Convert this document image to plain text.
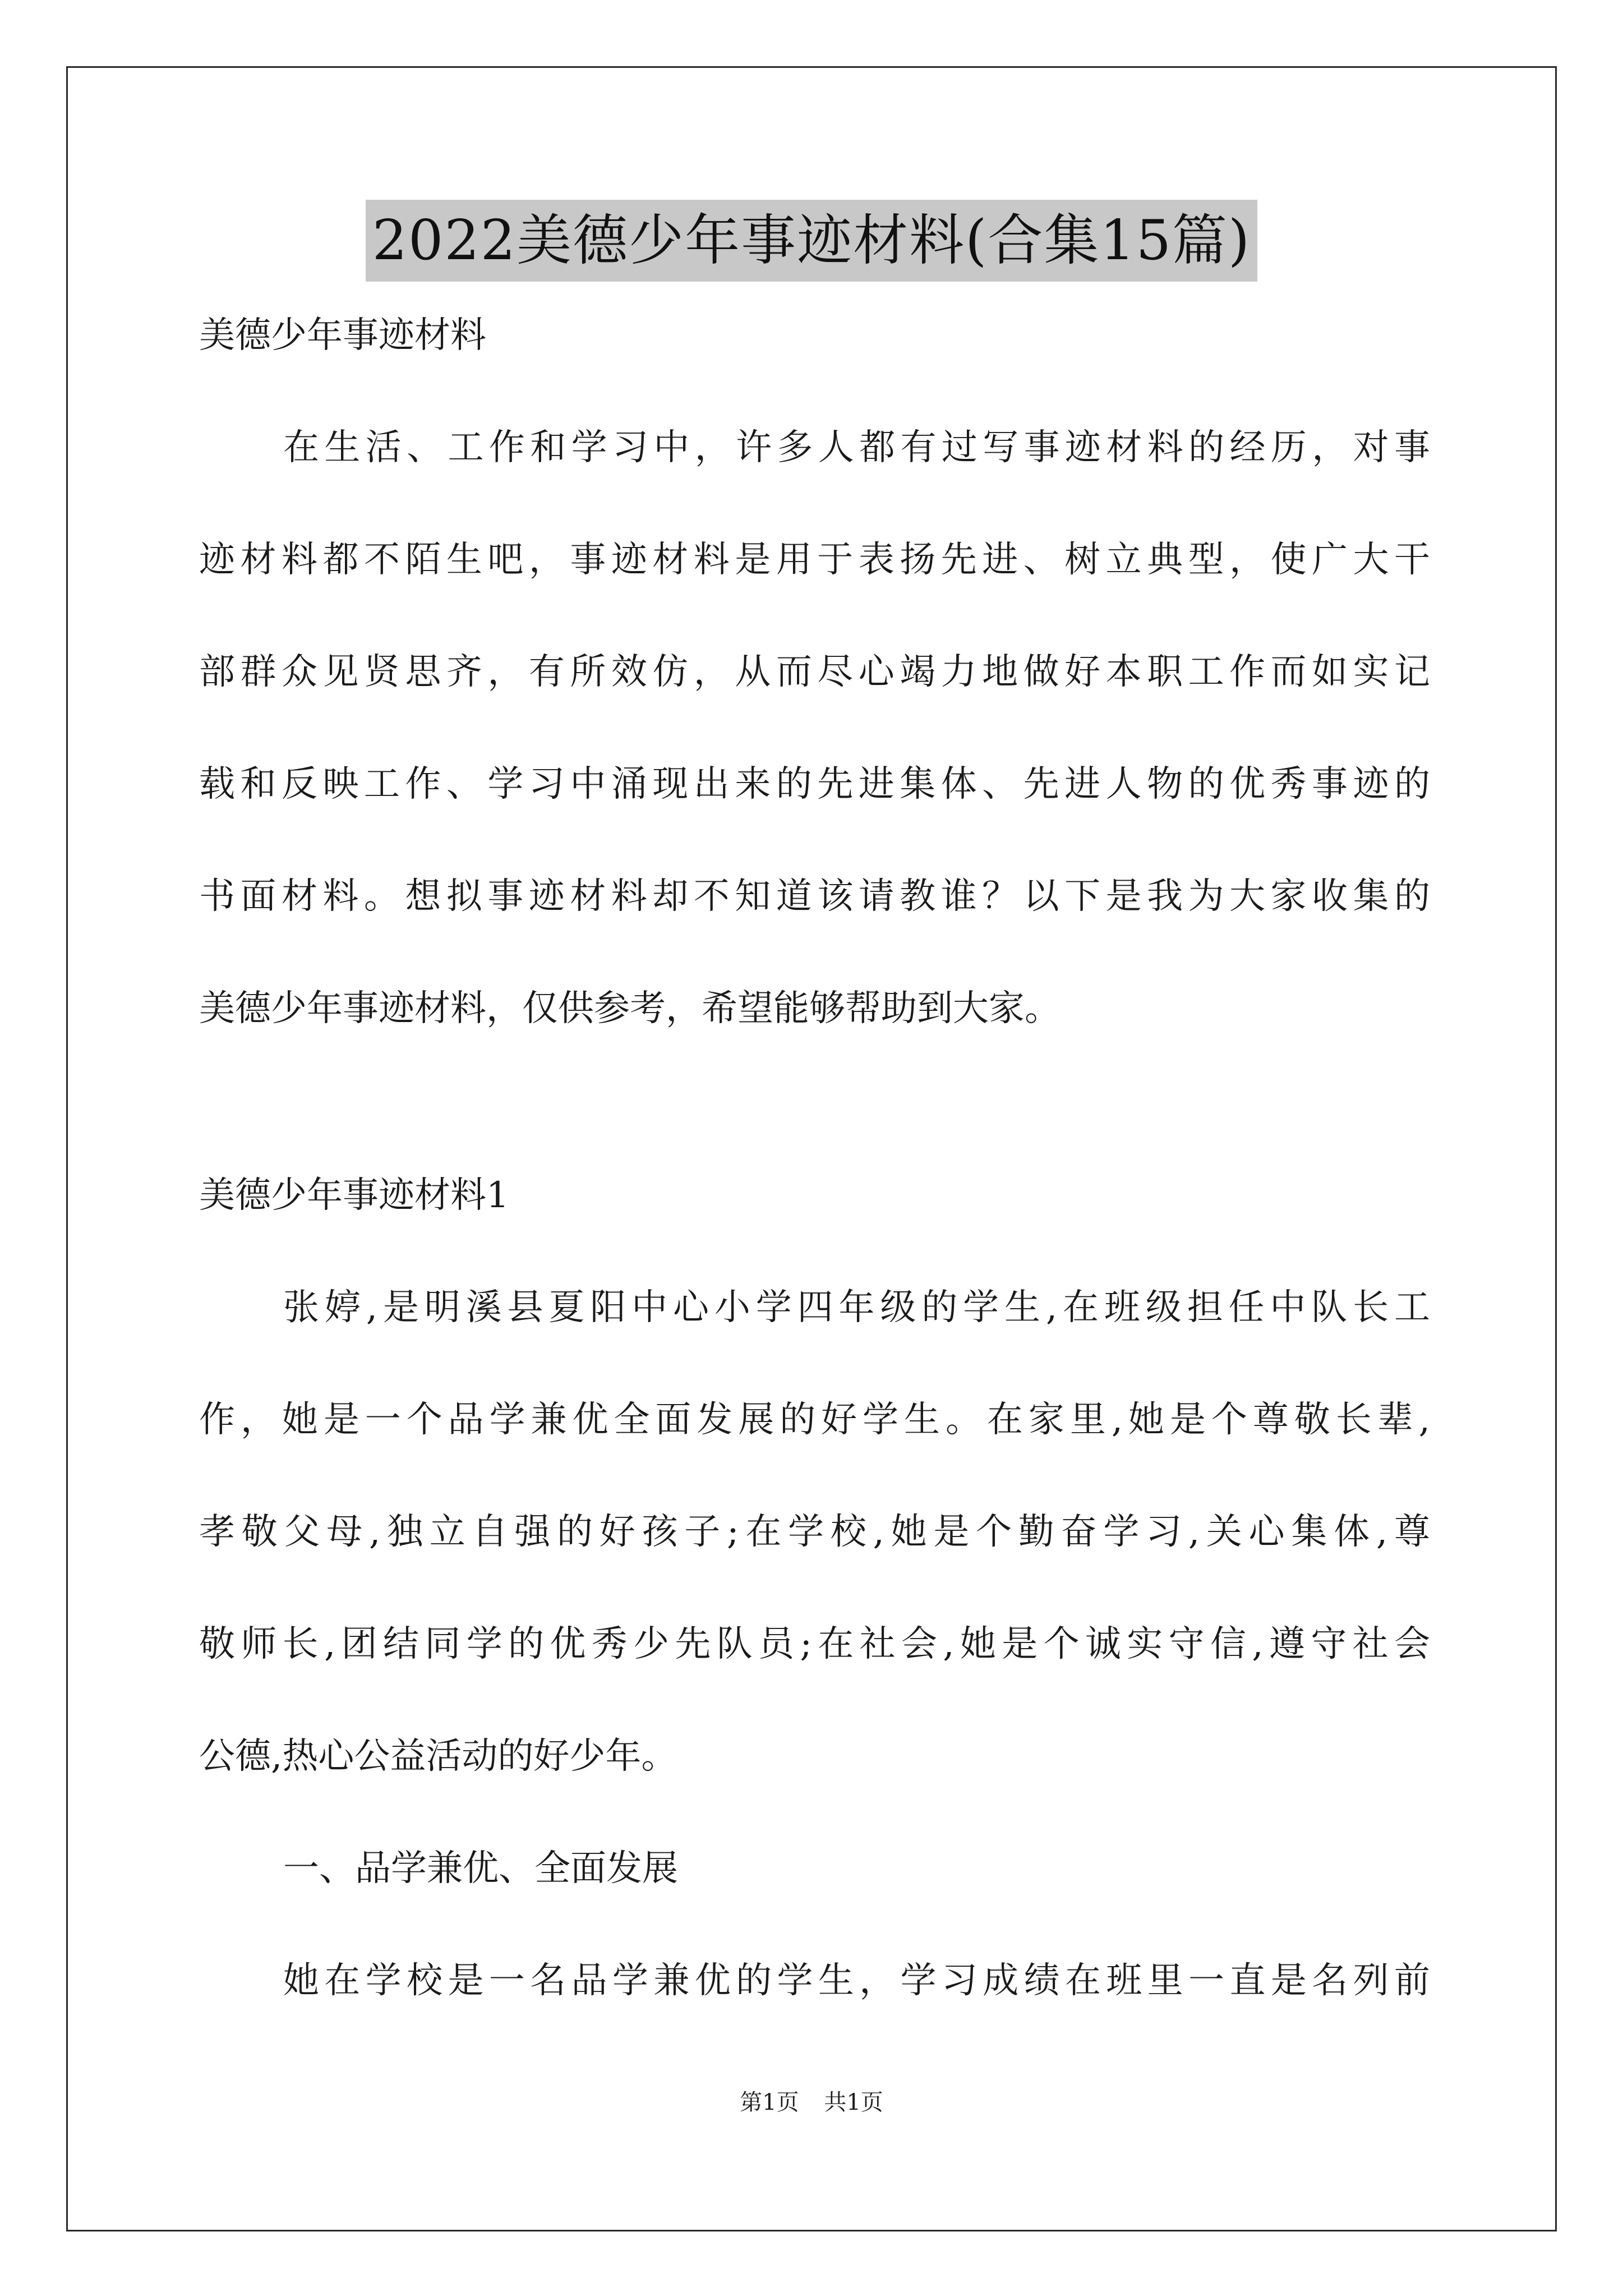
2022美德少年事迹材料(合集15篇)
美德少年事迹材料
在生活、工作和学习中，许多人都有过写事迹材料的经历，对事
迹材料都不陌生吧，事迹材料是用于表扬先进、树立典型，使广大干
部群众见贤思齐，有所效仿，从而尽心竭力地做好本职工作而如实记
载和反映工作、学习中涌现出来的先进集体、先进人物的优秀事迹的
书面材料。想拟事迹材料却不知道该请教谁？以下是我为大家收集的
美德少年事迹材料，仅供参考，希望能够帮助到大家。
美德少年事迹材料1
张婷,是明溪县夏阳中心小学四年级的学生,在班级担任中队长工
作，她是一个品学兼优全面发展的好学生。在家里,她是个尊敬长辈,
孝敬父母,独立自强的好孩子;在学校,她是个勤奋学习,关心集体,尊
敬师长,团结同学的优秀少先队员;在社会,她是个诚实守信,遵守社会
公德,热心公益活动的好少年。
一、品学兼优、全面发展
她在学校是一名品学兼优的学生，学习成绩在班里一直是名列前
第1页 共1页
